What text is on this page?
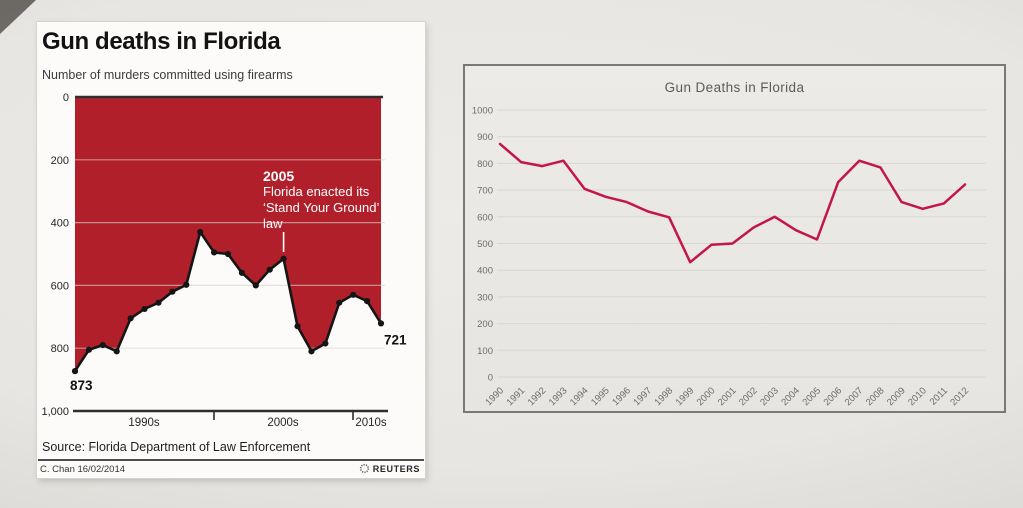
Gun deaths in Florida
Number of murders committed using firearms
0
200
400
600
800
1,000
1990s	2000s	2010s
873
721
2005
Florida enacted its ‘Stand Your Ground’ law
Source: Florida Department of Law Enforcement
C. Chan 16/02/2014	REUTERS
Gun Deaths in Florida
0
100
200
300
400
500
600
700
800
900
1000
1990
1991
1992
1993
1994
1995
1996
1997
1998
1999
2000
2001
2002
2003
2004
2005
2006
2007
2008
2009
2010
2011
2012
